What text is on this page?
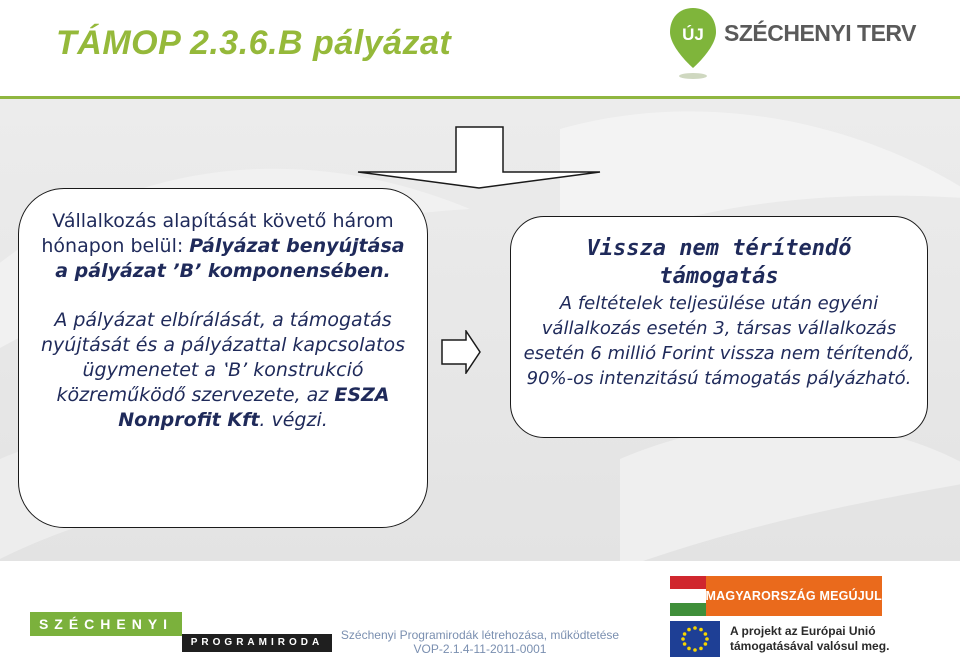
TÁMOP 2.3.6.B pályázat	ÚJ SZÉCHENYI TERV
Vállalkozás alapítását követő három hónapon belül: Pályázat benyújtása a pályázat ’B’ komponensében.
A pályázat elbírálását, a támogatás nyújtását és a pályázattal kapcsolatos ügymenetet a ‛B’ konstrukció közreműködő szervezete, az ESZA Nonprofit Kft. végzi.
Vissza nem térítendő támogatás
A feltételek teljesülése után egyéni vállalkozás esetén 3, társas vállalkozás esetén 6 millió Forint vissza nem térítendő, 90%-os intenzitású támogatás pályázható.
SZÉCHENYI
PROGRAMIRODA
Széchenyi Programirodák létrehozása, működtetése
VOP-2.1.4-11-2011-0001
MAGYARORSZÁG MEGÚJUL
A projekt az Európai Unió
támogatásával valósul meg.
